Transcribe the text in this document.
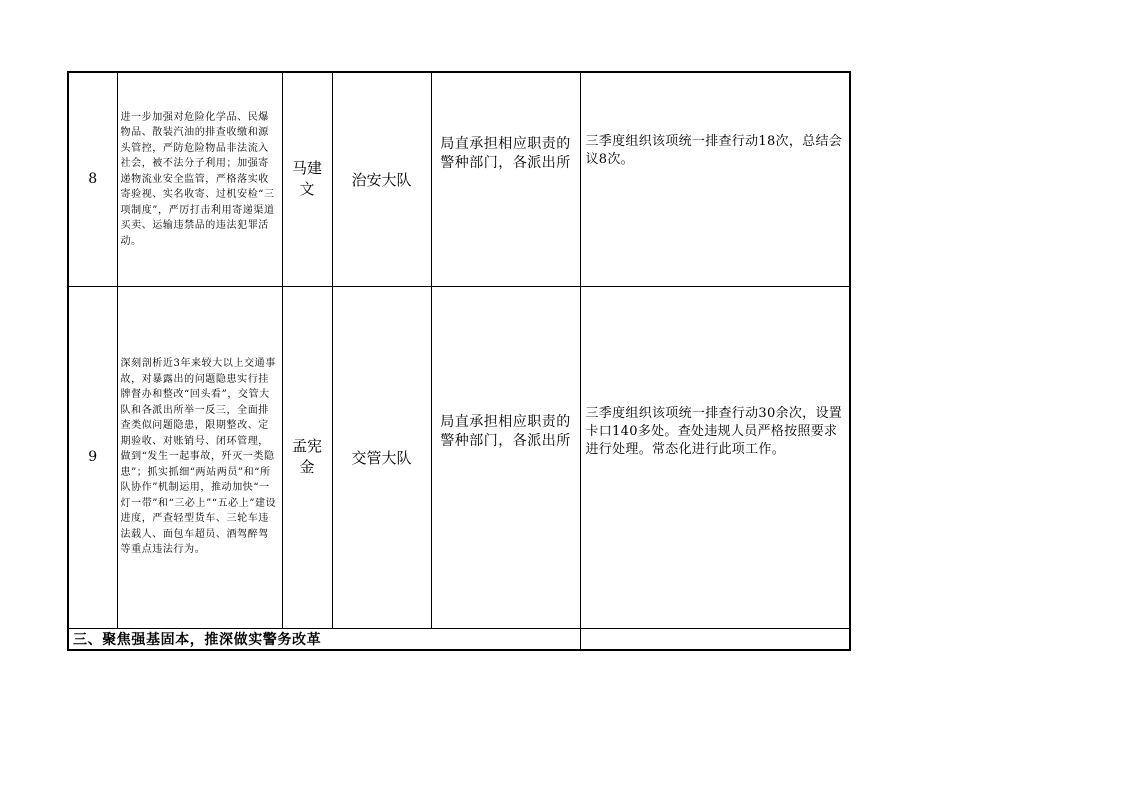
8	进一步加强对危险化学品、民爆物品、散装汽油的排查收缴和源头管控，严防危险物品非法流入社会，被不法分子利用；加强寄递物流业安全监管，严格落实收寄验视、实名收寄、过机安检“三项制度”，严厉打击利用寄递渠道买卖、运输违禁品的违法犯罪活动。	马建文	治安大队	局直承担相应职责的警种部门，各派出所	三季度组织该项统一排查行动18次，总结会议8次。

9	深刻剖析近3年来较大以上交通事故，对暴露出的问题隐患实行挂牌督办和整改“回头看”，交管大队和各派出所举一反三，全面排查类似问题隐患，限期整改、定期验收、对账销号、闭环管理，做到“发生一起事故，歼灭一类隐患”；抓实抓细“两站两员”和“所队协作”机制运用，推动加快“一灯一带”和“三必上”“五必上”建设进度，严查轻型货车、三轮车违法载人、面包车超员、酒驾醉驾等重点违法行为。	孟宪金	交管大队	局直承担相应职责的警种部门，各派出所	三季度组织该项统一排查行动30余次，设置卡口140多处。查处违规人员严格按照要求进行处理。常态化进行此项工作。

三、聚焦强基固本，推深做实警务改革					
